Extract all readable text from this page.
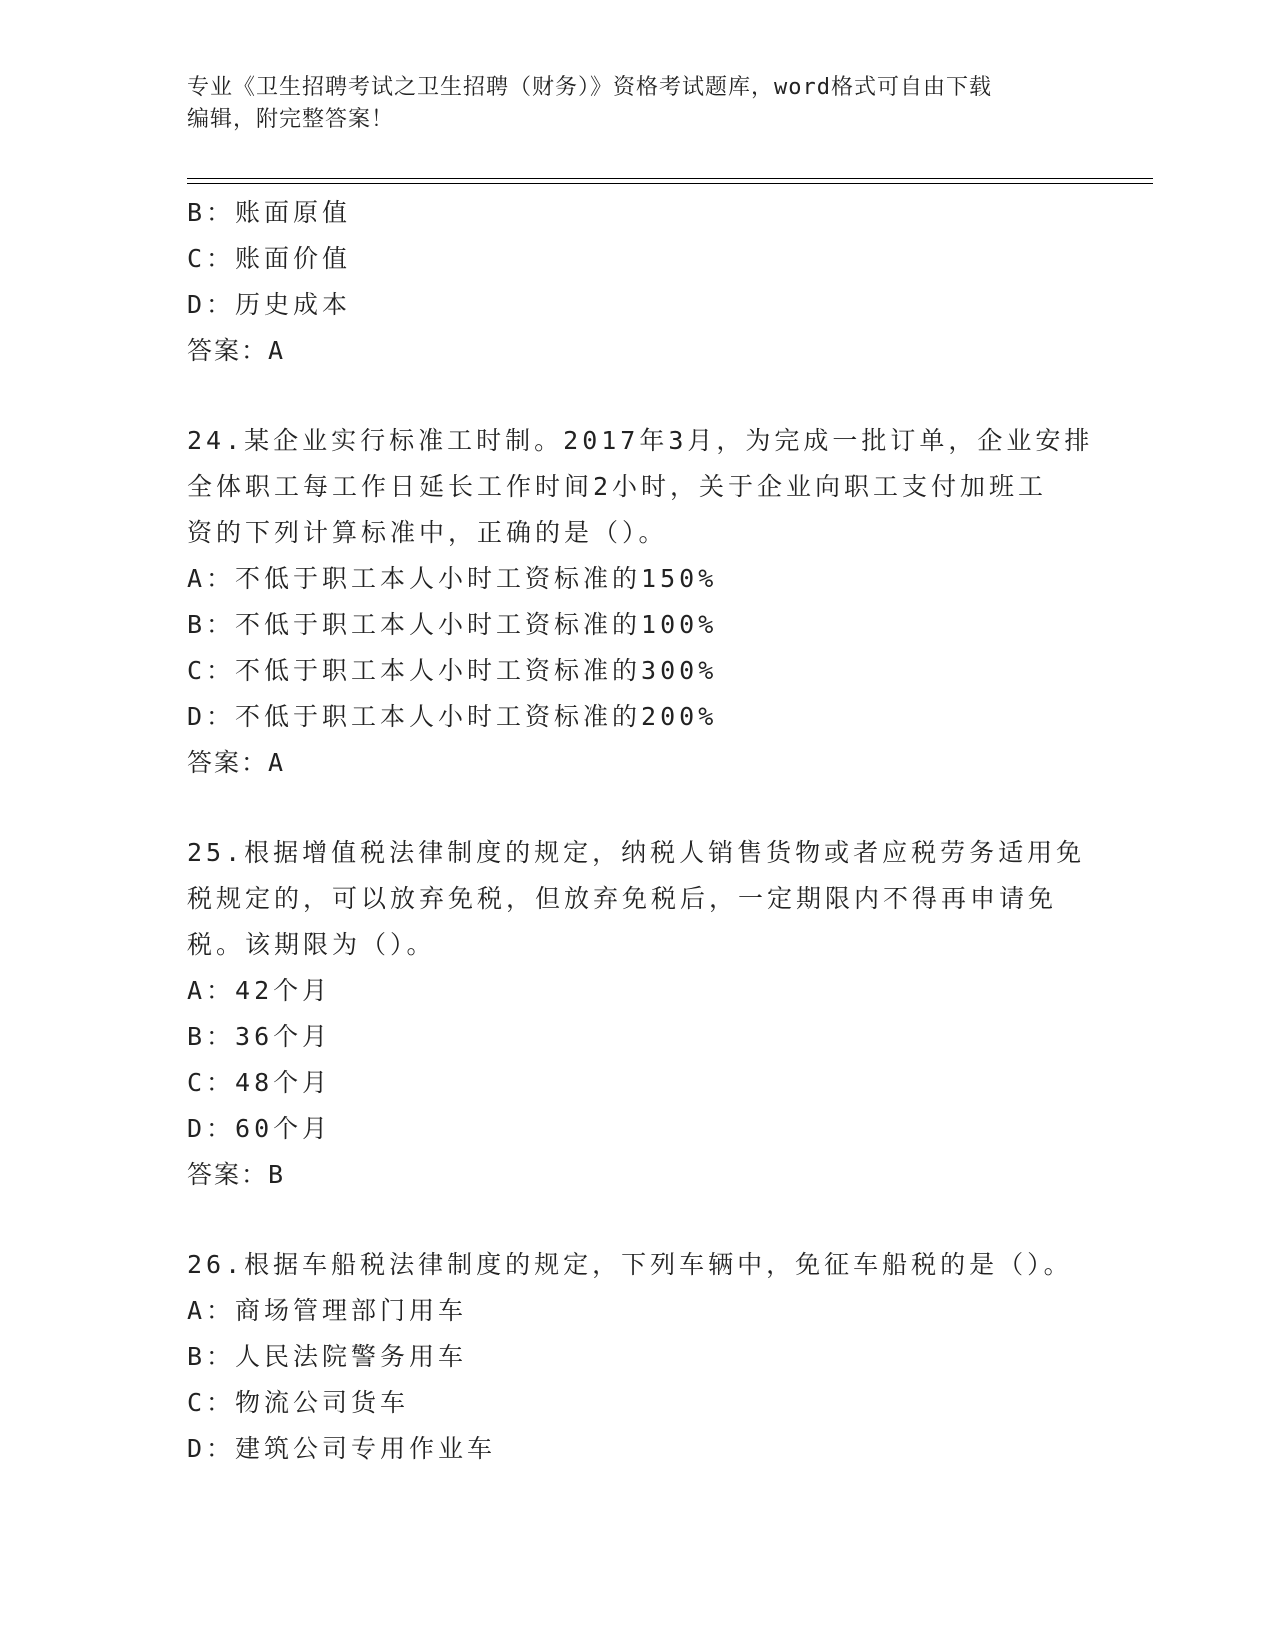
专业《卫生招聘考试之卫生招聘（财务）》资格考试题库，word格式可自由下载
编辑，附完整答案！
B：账面原值
C：账面价值
D：历史成本
答案：A
24.某企业实行标准工时制。2017年3月，为完成一批订单，企业安排
全体职工每工作日延长工作时间2小时，关于企业向职工支付加班工
资的下列计算标准中，正确的是（）。
A：不低于职工本人小时工资标准的150%
B：不低于职工本人小时工资标准的100%
C：不低于职工本人小时工资标准的300%
D：不低于职工本人小时工资标准的200%
答案：A
25.根据增值税法律制度的规定，纳税人销售货物或者应税劳务适用免
税规定的，可以放弃免税，但放弃免税后，一定期限内不得再申请免
税。该期限为（）。
A：42个月
B：36个月
C：48个月
D：60个月
答案：B
26.根据车船税法律制度的规定，下列车辆中，免征车船税的是（）。
A：商场管理部门用车
B：人民法院警务用车
C：物流公司货车
D：建筑公司专用作业车
